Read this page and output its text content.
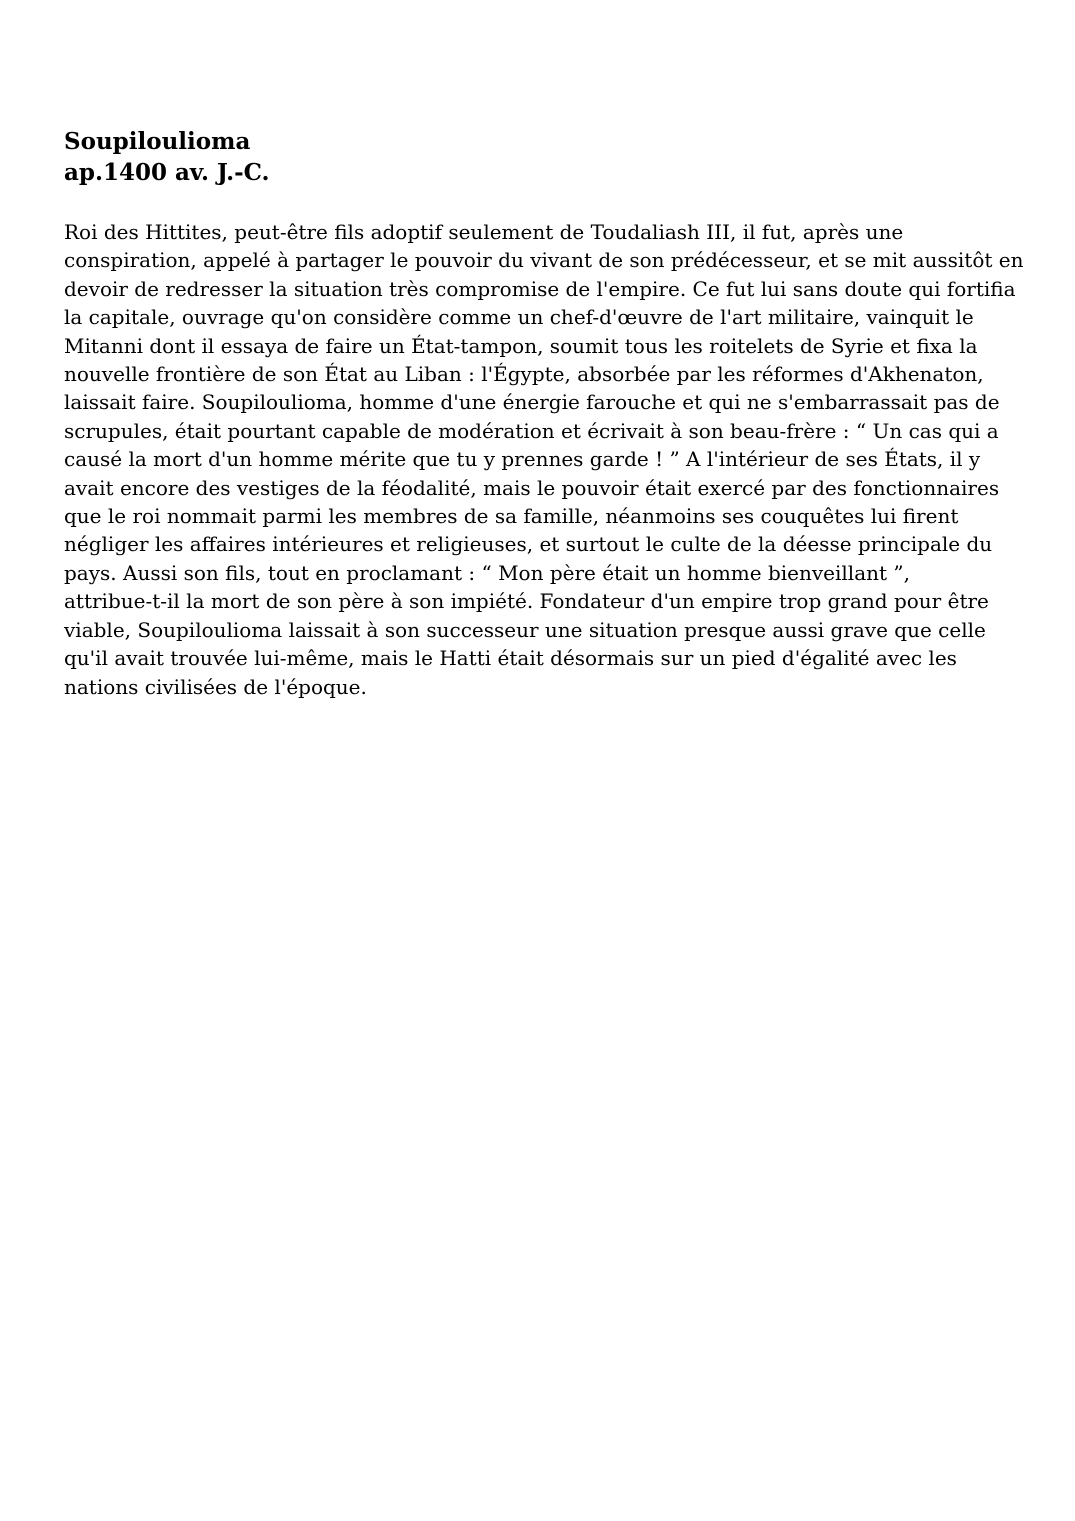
Soupiloulioma
ap.1400 av. J.-C.

Roi des Hittites, peut-être fils adoptif seulement de Toudaliash III, il fut, après une
conspiration, appelé à partager le pouvoir du vivant de son prédécesseur, et se mit aussitôt en
devoir de redresser la situation très compromise de l'empire. Ce fut lui sans doute qui fortifia
la capitale, ouvrage qu'on considère comme un chef-d'œuvre de l'art militaire, vainquit le
Mitanni dont il essaya de faire un État-tampon, soumit tous les roitelets de Syrie et fixa la
nouvelle frontière de son État au Liban : l'Égypte, absorbée par les réformes d'Akhenaton,
laissait faire. Soupiloulioma, homme d'une énergie farouche et qui ne s'embarrassait pas de
scrupules, était pourtant capable de modération et écrivait à son beau-frère : “ Un cas qui a
causé la mort d'un homme mérite que tu y prennes garde ! ” A l'intérieur de ses États, il y
avait encore des vestiges de la féodalité, mais le pouvoir était exercé par des fonctionnaires
que le roi nommait parmi les membres de sa famille, néanmoins ses couquêtes lui firent
négliger les affaires intérieures et religieuses, et surtout le culte de la déesse principale du
pays. Aussi son fils, tout en proclamant : “ Mon père était un homme bienveillant ”,
attribue-t-il la mort de son père à son impiété. Fondateur d'un empire trop grand pour être
viable, Soupiloulioma laissait à son successeur une situation presque aussi grave que celle
qu'il avait trouvée lui-même, mais le Hatti était désormais sur un pied d'égalité avec les
nations civilisées de l'époque.
